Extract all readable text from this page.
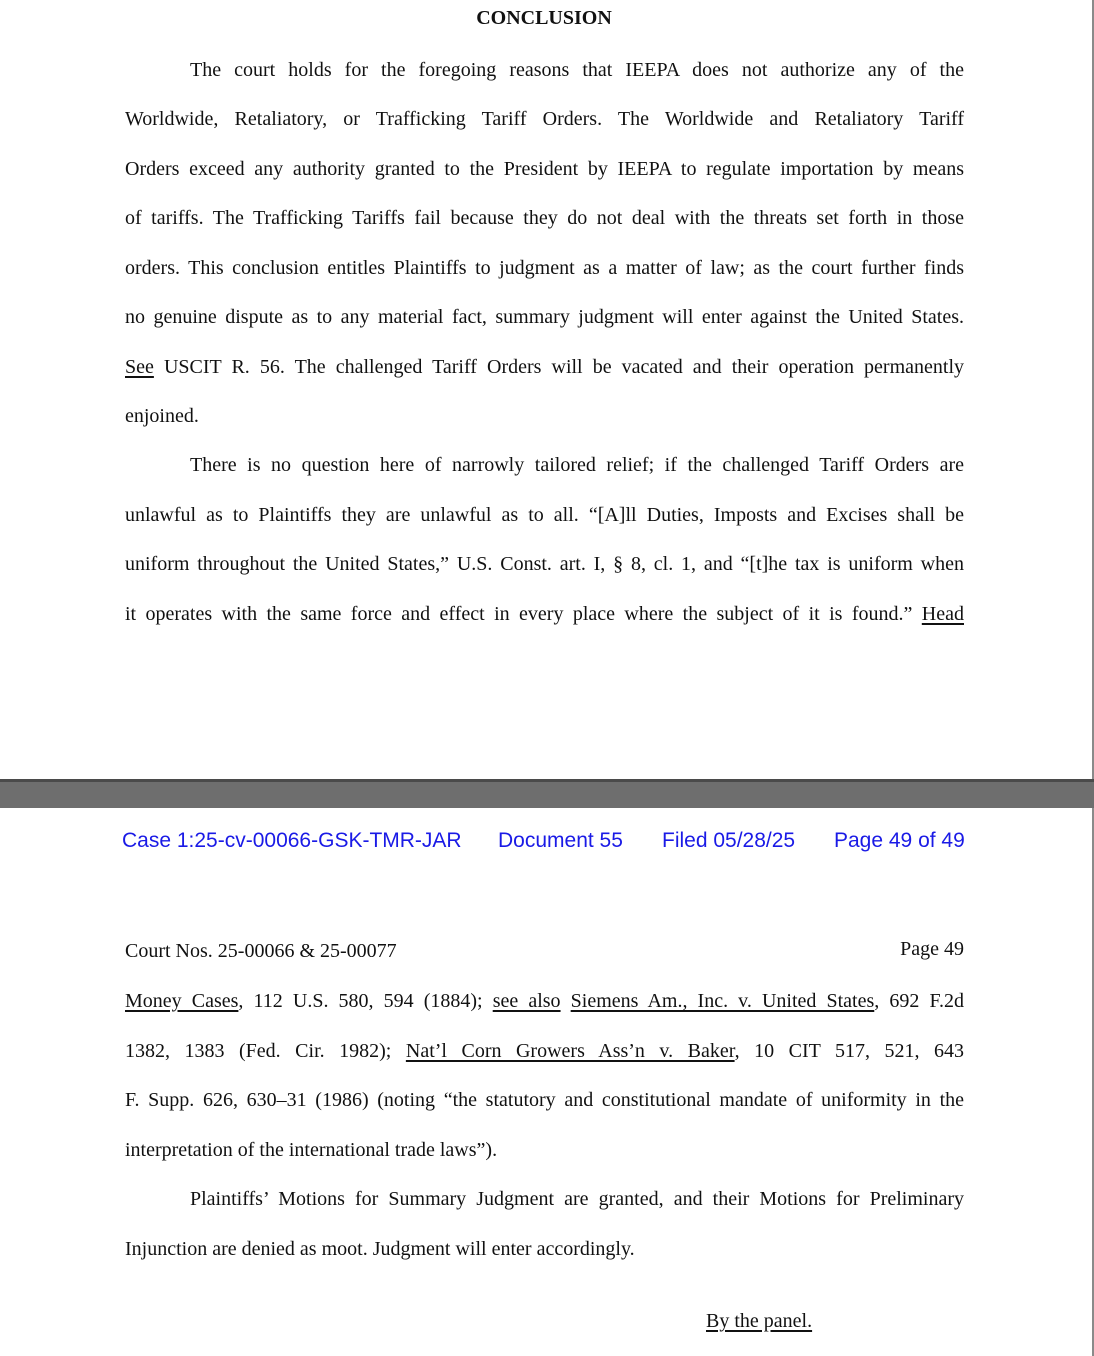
CONCLUSION
The court holds for the foregoing reasons that IEEPA does not authorize any of the
Worldwide, Retaliatory, or Trafficking Tariff Orders. The Worldwide and Retaliatory Tariff
Orders exceed any authority granted to the President by IEEPA to regulate importation by means
of tariffs. The Trafficking Tariffs fail because they do not deal with the threats set forth in those
orders. This conclusion entitles Plaintiffs to judgment as a matter of law; as the court further finds
no genuine dispute as to any material fact, summary judgment will enter against the United States.
See USCIT R. 56. The challenged Tariff Orders will be vacated and their operation permanently
enjoined.
There is no question here of narrowly tailored relief; if the challenged Tariff Orders are
unlawful as to Plaintiffs they are unlawful as to all. “[A]ll Duties, Imposts and Excises shall be
uniform throughout the United States,” U.S. Const. art. I, § 8, cl. 1, and “[t]he tax is uniform when
it operates with the same force and effect in every place where the subject of it is found.” Head
Case 1:25-cv-00066-GSK-TMR-JAR Document 55 Filed 05/28/25 Page 49 of 49
Court Nos. 25-00066 & 25-00077	Page 49
Money Cases, 112 U.S. 580, 594 (1884); see also Siemens Am., Inc. v. United States, 692 F.2d
1382, 1383 (Fed. Cir. 1982); Nat’l Corn Growers Ass’n v. Baker, 10 CIT 517, 521, 643
F. Supp. 626, 630–31 (1986) (noting “the statutory and constitutional mandate of uniformity in the
interpretation of the international trade laws”).
Plaintiffs’ Motions for Summary Judgment are granted, and their Motions for Preliminary
Injunction are denied as moot. Judgment will enter accordingly.
By the panel.
